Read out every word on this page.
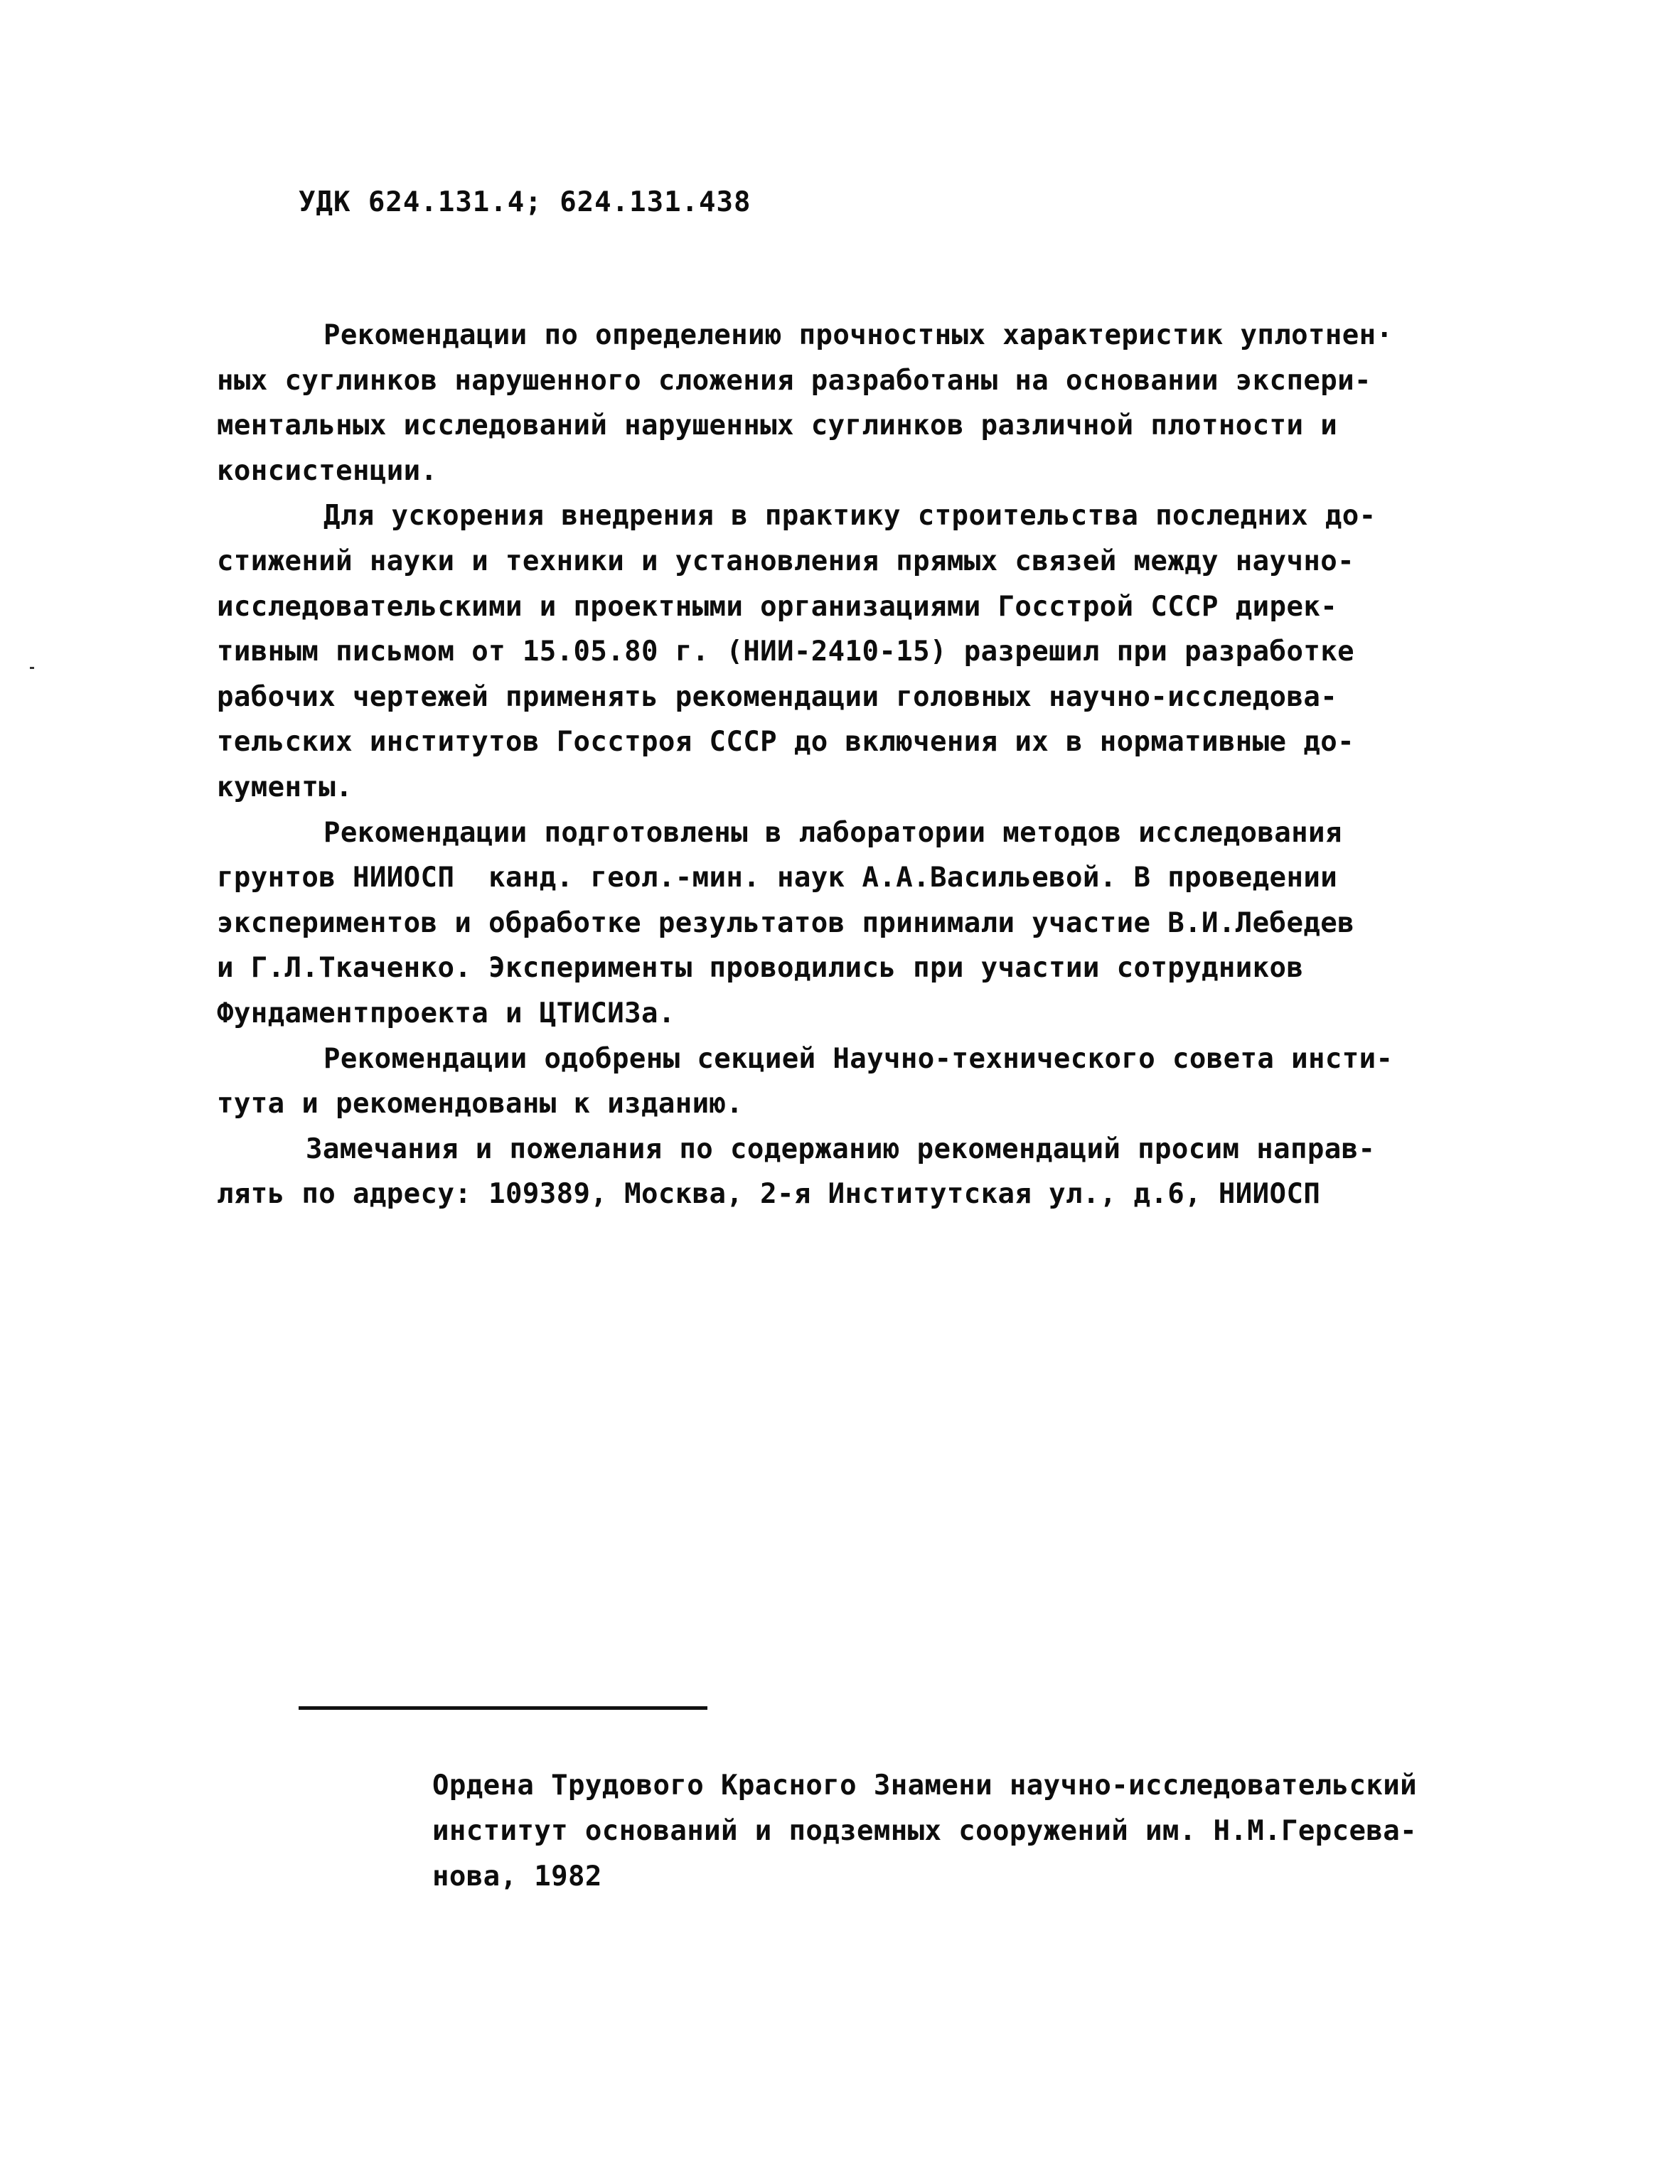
УДК 624.131.4; 624.131.438
Рекомендации по определению прочностных характеристик уплотнен·
ных суглинков нарушенного сложения разработаны на основании экспери-
ментальных исследований нарушенных суглинков различной плотности и
консистенции.
Для ускорения внедрения в практику строительства последних до-
стижений науки и техники и установления прямых связей между научно-
исследовательскими и проектными организациями Госстрой СССР дирек-
тивным письмом от 15.05.80 г. (НИИ-2410-15) разрешил при разработке
рабочих чертежей применять рекомендации головных научно-исследова-
тельских институтов Госстроя СССР до включения их в нормативные до-
кументы.
Рекомендации подготовлены в лаборатории методов исследования
грунтов НИИОСП  канд. геол.-мин. наук А.А.Васильевой. В проведении
экспериментов и обработке результатов принимали участие В.И.Лебедев
и Г.Л.Ткаченко. Эксперименты проводились при участии сотрудников
Фундаментпроекта и ЦТИСИЗа.
Рекомендации одобрены секцией Научно-технического совета инсти-
тута и рекомендованы к изданию.
Замечания и пожелания по содержанию рекомендаций просим направ-
лять по адресу: 109389, Москва, 2-я Институтская ул., д.6, НИИОСП
Ордена Трудового Красного Знамени научно-исследовательский
институт оснований и подземных сооружений им. Н.М.Герсева-
нова, 1982
